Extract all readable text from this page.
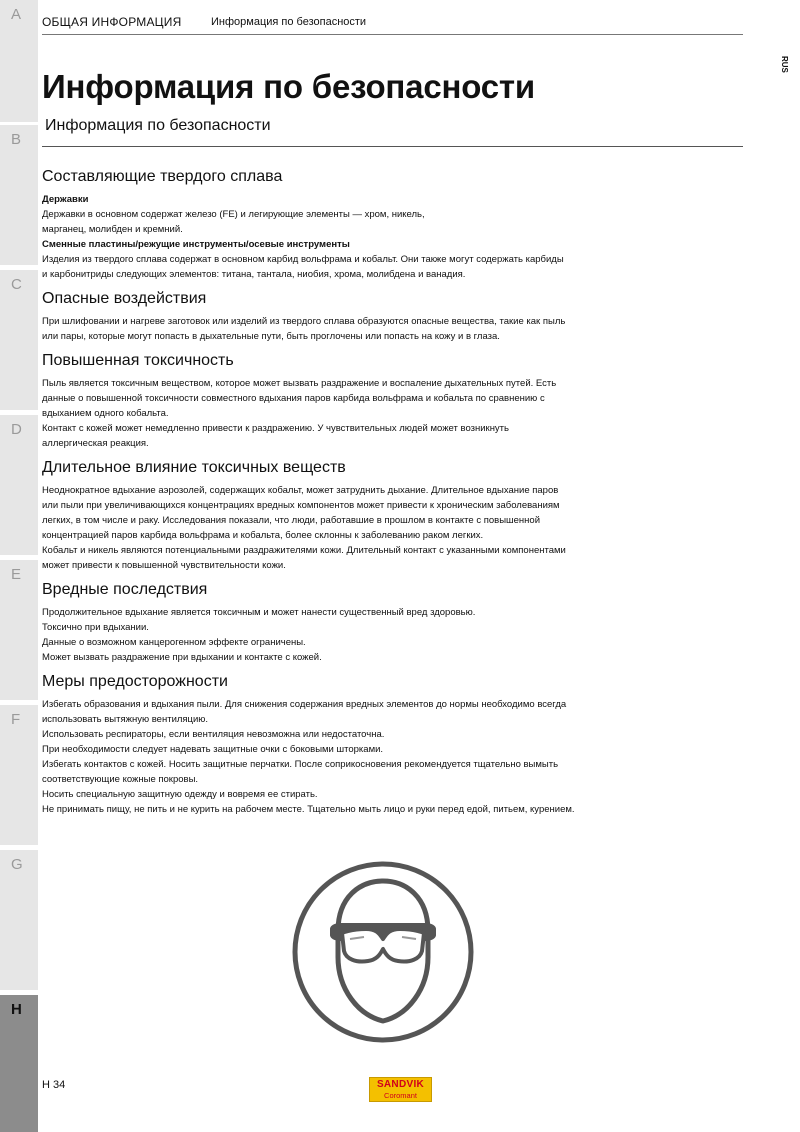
A
B
C
D
E
F
G
H
ОБЩАЯ ИНФОРМАЦИЯ	Информация по безопасности
RUS
Информация по безопасности
Информация по безопасности
Составляющие твердого сплава

Державки

Державки в основном содержат железо (FE) и легирующие элементы — хром, никель,

марганец, молибден и кремний.

Сменные пластины/режущие инструменты/осевые инструменты

Изделия из твердого сплава содержат в основном карбид вольфрама и кобальт. Они также могут содержать карбиды

и карбонитриды следующих элементов: титана, тантала, ниобия, хрома, молибдена и ванадия.

Опасные воздействия

При шлифовании и нагреве заготовок или изделий из твердого сплава образуются опасные вещества, такие как пыль

или пары, которые могут попасть в дыхательные пути, быть проглочены или попасть на кожу и в глаза.

Повышенная токсичность

Пыль является токсичным веществом, которое может вызвать раздражение и воспаление дыхательных путей. Есть

данные о повышенной токсичности совместного вдыхания паров карбида вольфрама и кобальта по сравнению с

вдыханием одного кобальта.

Контакт с кожей может немедленно привести к раздражению. У чувствительных людей может возникнуть

аллергическая реакция.

Длительное влияние токсичных веществ

Неоднократное вдыхание аэрозолей, содержащих кобальт, может затруднить дыхание. Длительное вдыхание паров

или пыли при увеличивающихся концентрациях вредных компонентов может привести к хроническим заболеваниям

легких, в том числе и раку. Исследования показали, что люди, работавшие в прошлом в контакте с повышенной

концентрацией паров карбида вольфрама и кобальта, более склонны к заболеванию раком легких.

Кобальт и никель являются потенциальными раздражителями кожи. Длительный контакт с указанными компонентами

может привести к повышенной чувствительности кожи.

Вредные последствия

Продолжительное вдыхание является токсичным и может нанести существенный вред здоровью.

Токсично при вдыхании.

Данные о возможном канцерогенном эффекте ограничены.

Может вызвать раздражение при вдыхании и контакте с кожей.

Меры предосторожности

Избегать образования и вдыхания пыли. Для снижения содержания вредных элементов до нормы необходимо всегда

использовать вытяжную вентиляцию.

Использовать респираторы, если вентиляция невозможна или недостаточна.

При необходимости следует надевать защитные очки с боковыми шторками.

Избегать контактов с кожей. Носить защитные перчатки. После соприкосновения рекомендуется тщательно вымыть

соответствующие кожные покровы.

Носить специальную защитную одежду и вовремя ее стирать.

Не принимать пищу, не пить и не курить на рабочем месте. Тщательно мыть лицо и руки перед едой, питьем, курением.

H 34	SANDVIK
Coromant
